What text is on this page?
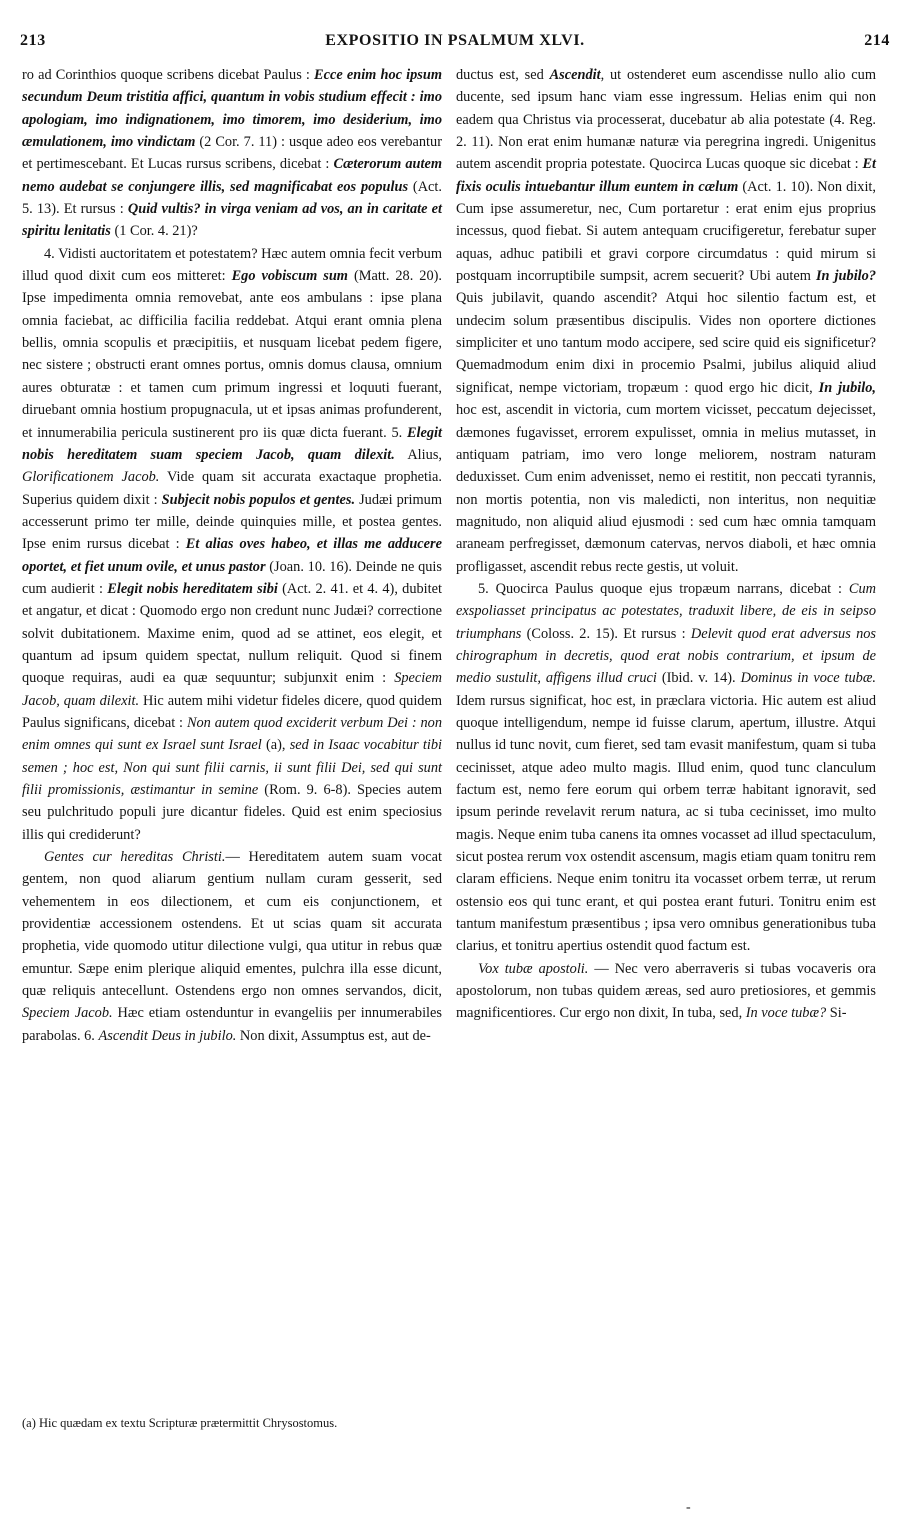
213	EXPOSITIO IN PSALMUM XLVI.	214

ro ad Corinthios quoque scribens dicebat Paulus : Ecce enim hoc ipsum secundum Deum tristitia affici, quantum in vobis studium effecit : imo apologiam, imo indignationem, imo timorem, imo desiderium, imo æmulationem, imo vindictam (2 Cor. 7. 11) : usque adeo eos verebantur et pertimescebant. Et Lucas rursus scribens, dicebat : Cæterorum autem nemo audebat se conjungere illis, sed magnificabat eos populus (Act. 5. 13). Et rursus : Quid vultis? in virga veniam ad vos, an in caritate et spiritu lenitatis (1 Cor. 4. 21)?

4. Vidisti auctoritatem et potestatem? Hæc autem omnia fecit verbum illud quod dixit cum eos mitteret: Ego vobiscum sum (Matt. 28. 20). Ipse impedimenta omnia removebat, ante eos ambulans : ipse plana omnia faciebat, ac difficilia facilia reddebat. Atqui erant omnia plena bellis, omnia scopulis et præcipitiis, et nusquam licebat pedem figere, nec sistere ; obstructi erant omnes portus, omnis domus clausa, omnium aures obturatæ : et tamen cum primum ingressi et loquuti fuerant, diruebant omnia hostium propugnacula, ut et ipsas animas profunderent, et innumerabilia pericula sustinerent pro iis quæ dicta fuerant. 5. Elegit nobis hereditatem suam speciem Jacob, quam dilexit. Alius, Glorificationem Jacob. Vide quam sit accurata exactaque prophetia. Superius quidem dixit : Subjecit nobis populos et gentes. Judæi primum accesserunt primo ter mille, deinde quinquies mille, et postea gentes. Ipse enim rursus dicebat : Et alias oves habeo, et illas me adducere oportet, et fiet unum ovile, et unus pastor (Joan. 10. 16). Deinde ne quis cum audierit : Elegit nobis hereditatem sibi (Act. 2. 41. et 4. 4), dubitet et angatur, et dicat : Quomodo ergo non credunt nunc Judæi? correctione solvit dubitationem. Maxime enim, quod ad se attinet, eos elegit, et quantum ad ipsum quidem spectat, nullum reliquit. Quod si finem quoque requiras, audi ea quæ sequuntur; subjunxit enim : Speciem Jacob, quam dilexit. Hic autem mihi videtur fideles dicere, quod quidem Paulus significans, dicebat : Non autem quod exciderit verbum Dei : non enim omnes qui sunt ex Israel sunt Israel (a), sed in Isaac vocabitur tibi semen ; hoc est, Non qui sunt filii carnis, ii sunt filii Dei, sed qui sunt filii promissionis, æstimantur in semine (Rom. 9. 6-8). Species autem seu pulchritudo populi jure dicantur fideles. Quid est enim speciosius illis qui crediderunt?

Gentes cur hereditas Christi.— Hereditatem autem suam vocat gentem, non quod aliarum gentium nullam curam gesserit, sed vehementem in eos dilectionem, et cum eis conjunctionem, et providentiæ accessionem ostendens. Et ut scias quam sit accurata prophetia, vide quomodo utitur dilectione vulgi, qua utitur in rebus quæ emuntur. Sæpe enim plerique aliquid ementes, pulchra illa esse dicunt, quæ reliquis antecellunt. Ostendens ergo non omnes servandos, dicit, Speciem Jacob. Hæc etiam ostenduntur in evangeliis per innumerabiles parabolas. 6. Ascendit Deus in jubilo. Non dixit, Assumptus est, aut de-

(a) Hic quædam ex textu Scripturæ prætermittit Chrysostomus.

ductus est, sed Ascendit, ut ostenderet eum ascendisse nullo alio cum ducente, sed ipsum hanc viam esse ingressum. Helias enim qui non eadem qua Christus via processerat, ducebatur ab alia potestate (4. Reg. 2. 11). Non erat enim humanæ naturæ via peregrina ingredi. Unigenitus autem ascendit propria potestate. Quocirca Lucas quoque sic dicebat : Et fixis oculis intuebantur illum euntem in cælum (Act. 1. 10). Non dixit, Cum ipse assumeretur, nec, Cum portaretur : erat enim ejus proprius incessus, quod fiebat. Si autem antequam crucifigeretur, ferebatur super aquas, adhuc patibili et gravi corpore circumdatus : quid mirum si postquam incorruptibile sumpsit, acrem secuerit? Ubi autem In jubilo? Quis jubilavit, quando ascendit? Atqui hoc silentio factum est, et undecim solum præsentibus discipulis. Vides non oportere dictiones simpliciter et uno tantum modo accipere, sed scire quid eis significetur? Quemadmodum enim dixi in procemio Psalmi, jubilus aliquid aliud significat, nempe victoriam, tropæum : quod ergo hic dicit, In jubilo, hoc est, ascendit in victoria, cum mortem vicisset, peccatum dejecisset, dæmones fugavisset, errorem expulisset, omnia in melius mutasset, in antiquam patriam, imo vero longe meliorem, nostram naturam deduxisset. Cum enim advenisset, nemo ei restitit, non peccati tyrannis, non mortis potentia, non vis maledicti, non interitus, non nequitiæ magnitudo, non aliquid aliud ejusmodi : sed cum hæc omnia tamquam araneam perfregisset, dæmonum catervas, nervos diaboli, et hæc omnia profligasset, ascendit rebus recte gestis, ut voluit.

5. Quocirca Paulus quoque ejus tropæum narrans, dicebat : Cum exspoliasset principatus ac potestates, traduxit libere, de eis in seipso triumphans (Coloss. 2. 15). Et rursus : Delevit quod erat adversus nos chirographum in decretis, quod erat nobis contrarium, et ipsum de medio sustulit, affigens illud cruci (Ibid. v. 14). Dominus in voce tubæ. Idem rursus significat, hoc est, in præclara victoria. Hic autem est aliud quoque intelligendum, nempe id fuisse clarum, apertum, illustre. Atqui nullus id tunc novit, cum fieret, sed tam evasit manifestum, quam si tuba cecinisset, atque adeo multo magis. Illud enim, quod tunc clanculum factum est, nemo fere eorum qui orbem terræ habitant ignoravit, sed ipsum perinde revelavit rerum natura, ac si tuba cecinisset, imo multo magis. Neque enim tuba canens ita omnes vocasset ad illud spectaculum, sicut postea rerum vox ostendit ascensum, magis etiam quam tonitru rem claram efficiens. Neque enim tonitru ita vocasset orbem terræ, ut rerum ostensio eos qui tunc erant, et qui postea erant futuri. Tonitru enim est tantum manifestum præsentibus ; ipsa vero omnibus generationibus tuba clarius, et tonitru apertius ostendit quod factum est.

Vox tubæ apostoli. — Nec vero aberraveris si tubas vocaveris ora apostolorum, non tubas quidem æreas, sed auro pretiosiores, et gemmis magnificentiores. Cur ergo non dixit, In tuba, sed, In voce tubæ? Si-

-
